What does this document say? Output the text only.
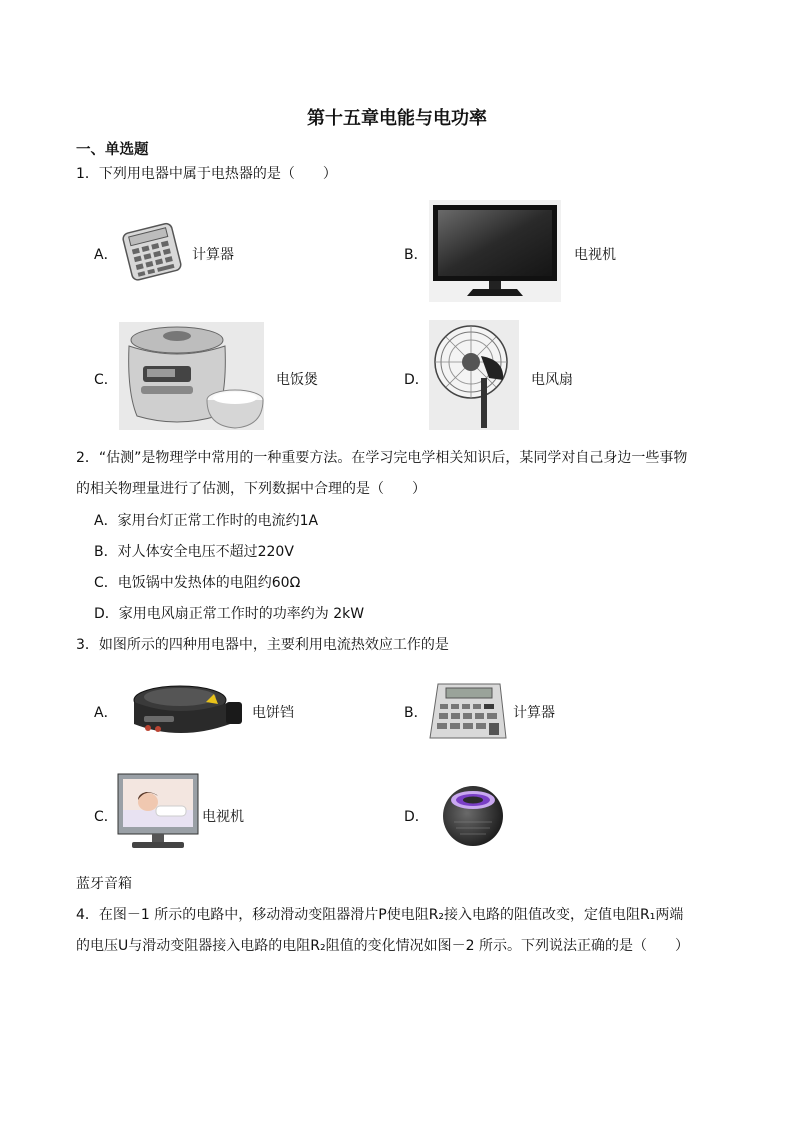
第十五章电能与电功率
一、单选题
1．下列用电器中属于电热器的是（　　）
A．	计算器	B．	电视机
C．	电饭煲	D．	电风扇
2．“估测”是物理学中常用的一种重要方法。在学习完电学相关知识后，某同学对自己身边一些事物
的相关物理量进行了估测，下列数据中合理的是（　　）
A．家用台灯正常工作时的电流约1A
B．对人体安全电压不超过220V
C．电饭锅中发热体的电阻约60Ω
D．家用电风扇正常工作时的功率约为 2kW
3．如图所示的四种用电器中，主要利用电流热效应工作的是
A．	电饼铛	B．	计算器
C．	电视机	D．
蓝牙音箱
4．在图－1 所示的电路中，移动滑动变阻器滑片P使电阻R₂接入电路的阻值改变，定值电阻R₁两端
的电压U与滑动变阻器接入电路的电阻R₂阻值的变化情况如图－2 所示。下列说法正确的是（　　）
